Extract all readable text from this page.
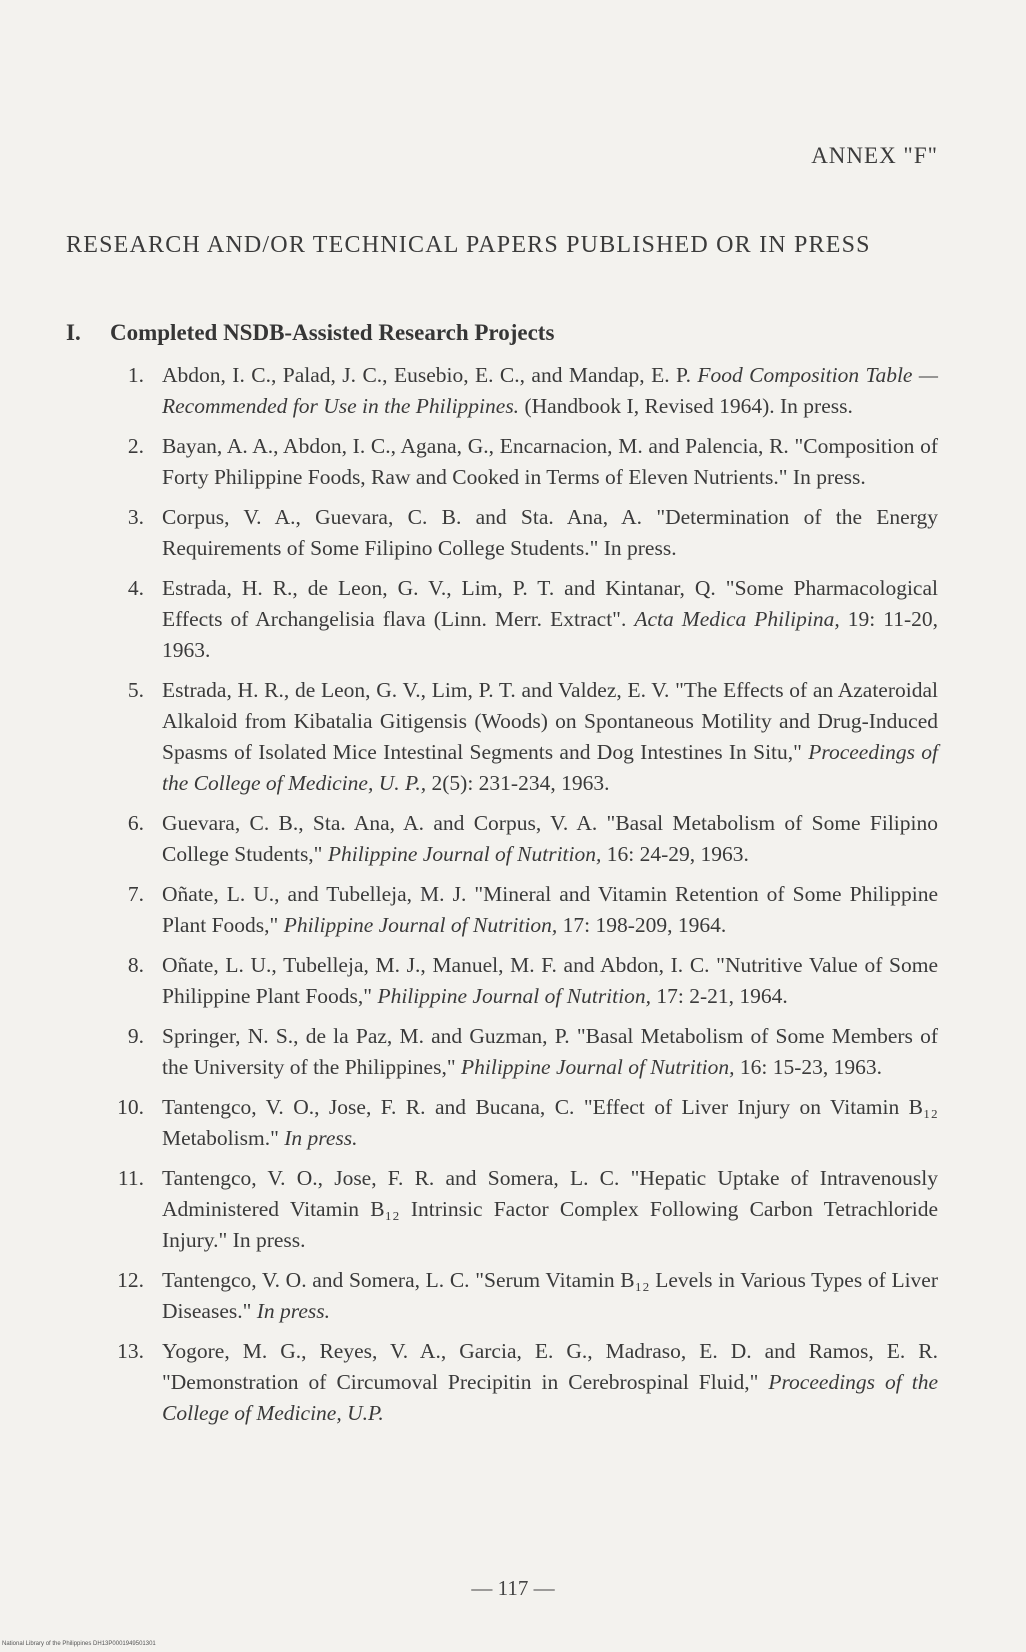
ANNEX "F"
RESEARCH AND/OR TECHNICAL PAPERS PUBLISHED OR IN PRESS
I. Completed NSDB-Assisted Research Projects
1. Abdon, I. C., Palad, J. C., Eusebio, E. C., and Mandap, E. P. Food Composition Table — Recommended for Use in the Philippines. (Handbook I, Revised 1964). In press.
2. Bayan, A. A., Abdon, I. C., Agana, G., Encarnacion, M. and Palencia, R. "Composition of Forty Philippine Foods, Raw and Cooked in Terms of Eleven Nutrients." In press.
3. Corpus, V. A., Guevara, C. B. and Sta. Ana, A. "Determination of the Energy Requirements of Some Filipino College Students." In press.
4. Estrada, H. R., de Leon, G. V., Lim, P. T. and Kintanar, Q. "Some Pharmacological Effects of Archangelisia flava (Linn. Merr. Extract". Acta Medica Philipina, 19: 11-20, 1963.
5. Estrada, H. R., de Leon, G. V., Lim, P. T. and Valdez, E. V. "The Effects of an Azateroidal Alkaloid from Kibatalia Gitigensis (Woods) on Spontaneous Motility and Drug-Induced Spasms of Isolated Mice Intestinal Segments and Dog Intestines In Situ," Proceedings of the College of Medicine, U. P., 2(5): 231-234, 1963.
6. Guevara, C. B., Sta. Ana, A. and Corpus, V. A. "Basal Metabolism of Some Filipino College Students," Philippine Journal of Nutrition, 16: 24-29, 1963.
7. Oñate, L. U., and Tubelleja, M. J. "Mineral and Vitamin Retention of Some Philippine Plant Foods," Philippine Journal of Nutrition, 17: 198-209, 1964.
8. Oñate, L. U., Tubelleja, M. J., Manuel, M. F. and Abdon, I. C. "Nutritive Value of Some Philippine Plant Foods," Philippine Journal of Nutrition, 17: 2-21, 1964.
9. Springer, N. S., de la Paz, M. and Guzman, P. "Basal Metabolism of Some Members of the University of the Philippines," Philippine Journal of Nutrition, 16: 15-23, 1963.
10. Tantengco, V. O., Jose, F. R. and Bucana, C. "Effect of Liver Injury on Vitamin B₁₂ Metabolism." In press.
11. Tantengco, V. O., Jose, F. R. and Somera, L. C. "Hepatic Uptake of Intravenously Administered Vitamin B₁₂ Intrinsic Factor Complex Following Carbon Tetrachloride Injury." In press.
12. Tantengco, V. O. and Somera, L. C. "Serum Vitamin B₁₂ Levels in Various Types of Liver Diseases." In press.
13. Yogore, M. G., Reyes, V. A., Garcia, E. G., Madraso, E. D. and Ramos, E. R. "Demonstration of Circumoval Precipitin in Cerebrospinal Fluid," Proceedings of the College of Medicine, U.P.
— 117 —
National Library of the Philippines DH13P0001949501301
